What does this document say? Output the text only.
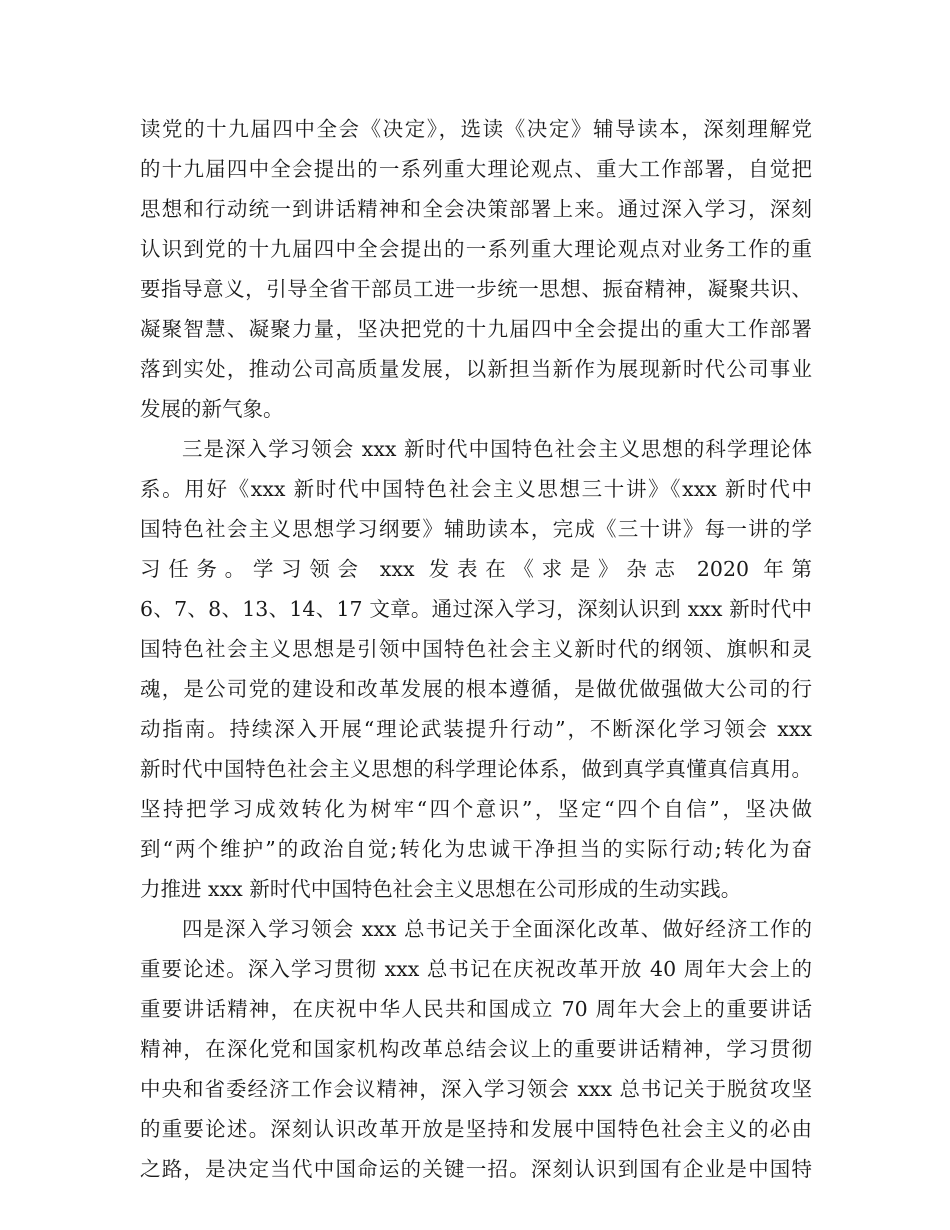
读党的十九届四中全会《决定》，选读《决定》辅导读本，深刻理解党
的十九届四中全会提出的一系列重大理论观点、重大工作部署，自觉把
思想和行动统一到讲话精神和全会决策部署上来。通过深入学习，深刻
认识到党的十九届四中全会提出的一系列重大理论观点对业务工作的重
要指导意义，引导全省干部员工进一步统一思想、振奋精神，凝聚共识、
凝聚智慧、凝聚力量，坚决把党的十九届四中全会提出的重大工作部署
落到实处，推动公司高质量发展，以新担当新作为展现新时代公司事业
发展的新气象。
三是深入学习领会 xxx 新时代中国特色社会主义思想的科学理论体
系。用好《xxx 新时代中国特色社会主义思想三十讲》《xxx 新时代中
国特色社会主义思想学习纲要》辅助读本，完成《三十讲》每一讲的学
习任务。学习领会 xxx 发表在《求是》杂志 2020 年第
6、7、8、13、14、17 文章。通过深入学习，深刻认识到 xxx 新时代中
国特色社会主义思想是引领中国特色社会主义新时代的纲领、旗帜和灵
魂，是公司党的建设和改革发展的根本遵循，是做优做强做大公司的行
动指南。持续深入开展“理论武装提升行动”，不断深化学习领会 xxx
新时代中国特色社会主义思想的科学理论体系，做到真学真懂真信真用。
坚持把学习成效转化为树牢“四个意识”，坚定“四个自信”，坚决做
到“两个维护”的政治自觉;转化为忠诚干净担当的实际行动;转化为奋
力推进 xxx 新时代中国特色社会主义思想在公司形成的生动实践。
四是深入学习领会 xxx 总书记关于全面深化改革、做好经济工作的
重要论述。深入学习贯彻 xxx 总书记在庆祝改革开放 40 周年大会上的
重要讲话精神，在庆祝中华人民共和国成立 70 周年大会上的重要讲话
精神，在深化党和国家机构改革总结会议上的重要讲话精神，学习贯彻
中央和省委经济工作会议精神，深入学习领会 xxx 总书记关于脱贫攻坚
的重要论述。深刻认识改革开放是坚持和发展中国特色社会主义的必由
之路，是决定当代中国命运的关键一招。深刻认识到国有企业是中国特
